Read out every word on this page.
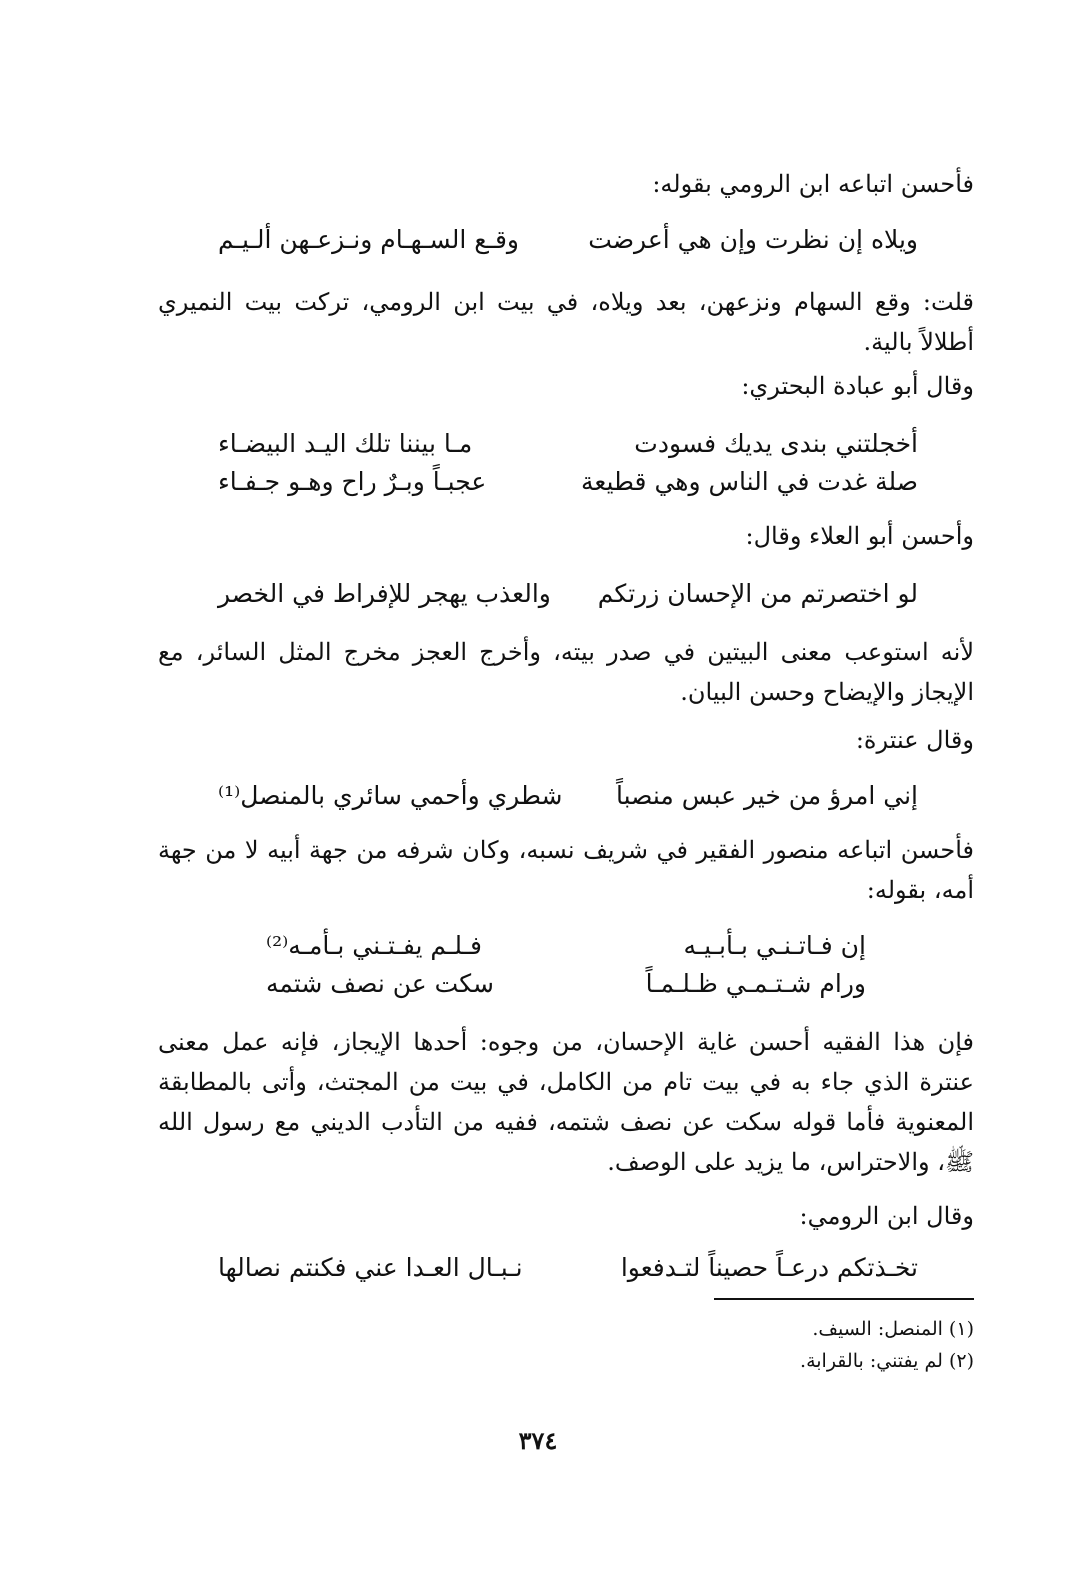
فأحسن اتباعه ابن الرومي بقوله:
ويلاه إن نظرت وإن هي أعرضت
وقـع السـهـام ونـزعـهن ألـيـم
قلت: وقع السهام ونزعهن، بعد ويلاه، في بيت ابن الرومي، تركت بيت النميري أطلالاً بالية.
وقال أبو عبادة البحتري:
أخجلتني بندى يديك فسودت
مـا بيننا تلك اليـد البيضـاء
صلة غدت في الناس وهي قطيعة
عجبـاً وبـرٌ راح وهـو جـفـاء
وأحسن أبو العلاء وقال:
لو اختصرتم من الإحسان زرتكم
والعذب يهجر للإفراط في الخصر
لأنه استوعب معنى البيتين في صدر بيته، وأخرج العجز مخرج المثل السائر، مع الإيجاز والإيضاح وحسن البيان.
وقال عنترة:
إني امرؤ من خير عبس منصباً
شطري وأحمي سائري بالمنصل⁽¹⁾
فأحسن اتباعه منصور الفقير في شريف نسبه، وكان شرفه من جهة أبيه لا من جهة أمه، بقوله:
إن فـاتـنـي بـأبـيـه
فـلـم يفـتـني بـأمـه⁽²⁾
ورام شـتـمـي ظـلـمـاً
سكت عن نصف شتمه
فإن هذا الفقيه أحسن غاية الإحسان، من وجوه: أحدها الإيجاز، فإنه عمل معنى عنترة الذي جاء به في بيت تام من الكامل، في بيت من المجتث، وأتى بالمطابقة المعنوية فأما قوله سكت عن نصف شتمه، ففيه من التأدب الديني مع رسول الله ﷺ، والاحتراس، ما يزيد على الوصف.
وقال ابن الرومي:
تخـذتكم درعـاً حصيناً لتـدفعوا
نـبـال العـدا عني فكنتم نصالها
(١) المنصل: السيف.
(٢) لم يفتني: بالقرابة.
٣٧٤
